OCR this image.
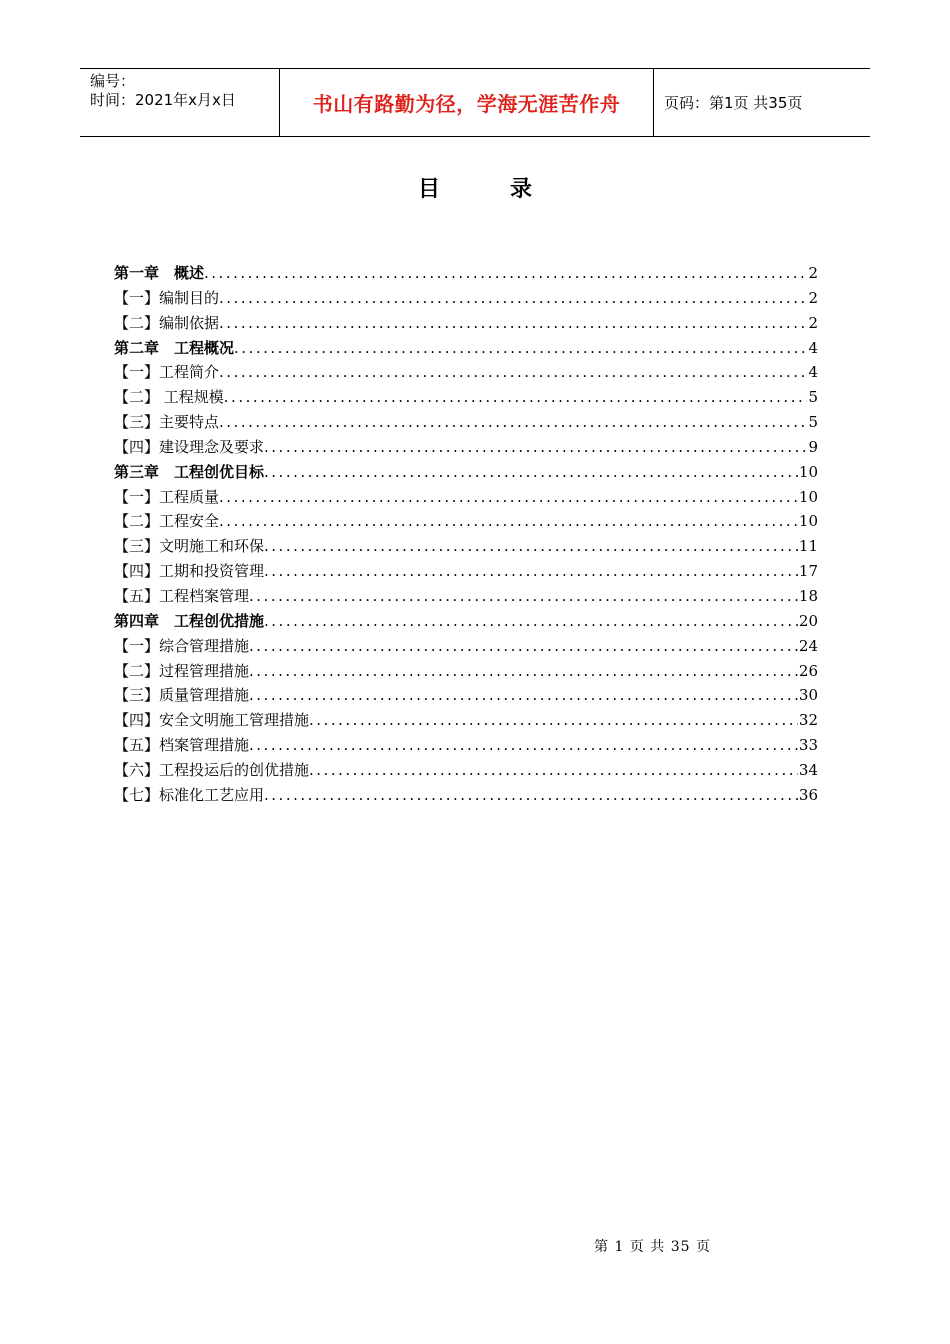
编号：
时间：2021年x月x日	书山有路勤为径，学海无涯苦作舟	页码：第1页 共35页
目录
第一章　概述 .....	2
【一】编制目的 .....	2
【二】编制依据 .....	2
第二章　工程概况 .....	4
【一】工程简介 .....	4
【二】 工程规模 .....	5
【三】主要特点 .....	5
【四】建设理念及要求 .....	9
第三章　工程创优目标 .....	10
【一】工程质量 .....	10
【二】工程安全 .....	10
【三】文明施工和环保 .....	11
【四】工期和投资管理 .....	17
【五】工程档案管理 .....	18
第四章　工程创优措施 .....	20
【一】综合管理措施 .....	24
【二】过程管理措施 .....	26
【三】质量管理措施 .....	30
【四】安全文明施工管理措施 .....	32
【五】档案管理措施 .....	33
【六】工程投运后的创优措施 .....	34
【七】标准化工艺应用 .....	36
第 1 页 共 35 页
